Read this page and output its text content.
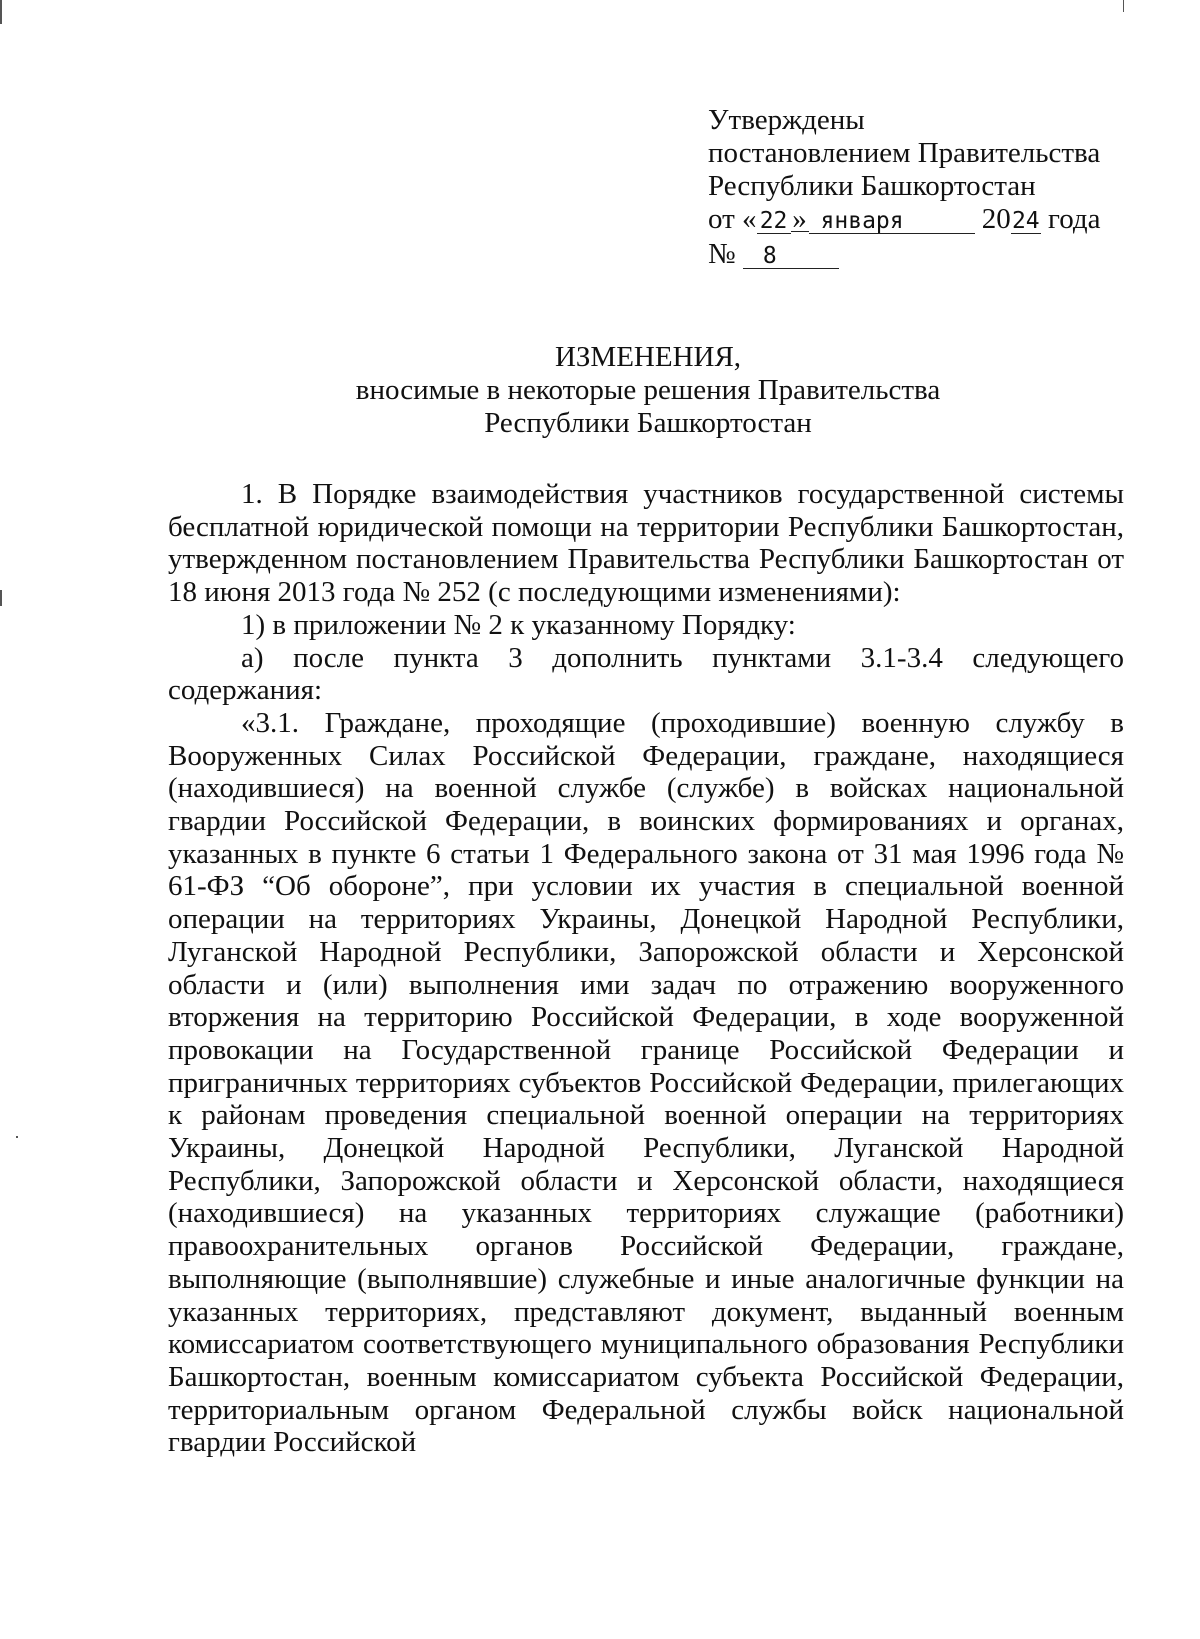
Утверждены
постановлением Правительства
Республики Башкортостан
от « 22 » января	2024 года
№ 8
ИЗМЕНЕНИЯ,
вносимые в некоторые решения Правительства
Республики Башкортостан

1. В Порядке взаимодействия участников государственной системы бесплатной юридической помощи на территории Республики Башкортостан, утвержденном постановлением Правительства Республики Башкортостан от 18 июня 2013 года № 252 (с последующими изменениями):

1) в приложении № 2 к указанному Порядку:

а) после пункта 3 дополнить пунктами 3.1-3.4 следующего содержания:

«3.1. Граждане, проходящие (проходившие) военную службу в Вооруженных Силах Российской Федерации, граждане, находящиеся (находившиеся) на военной службе (службе) в войсках национальной гвардии Российской Федерации, в воинских формированиях и органах, указанных в пункте 6 статьи 1 Федерального закона от 31 мая 1996 года № 61-ФЗ “Об обороне”, при условии их участия в специальной военной операции на территориях Украины, Донецкой Народной Республики, Луганской Народной Республики, Запорожской области и Херсонской области и (или) выполнения ими задач по отражению вооруженного вторжения на территорию Российской Федерации, в ходе вооруженной провокации на Государственной границе Российской Федерации и приграничных территориях субъектов Российской Федерации, прилегающих к районам проведения специальной военной операции на территориях Украины, Донецкой Народной Республики, Луганской Народной Республики, Запорожской области и Херсонской области, находящиеся (находившиеся) на указанных территориях служащие (работники) правоохранительных органов Российской Федерации, граждане, выполняющие (выполнявшие) служебные и иные аналогичные функции на указанных территориях, представляют документ, выданный военным комиссариатом соответствующего муниципального образования Республики Башкортостан, военным комиссариатом субъекта Российской Федерации, территориальным органом Федеральной службы войск национальной гвардии Российской
